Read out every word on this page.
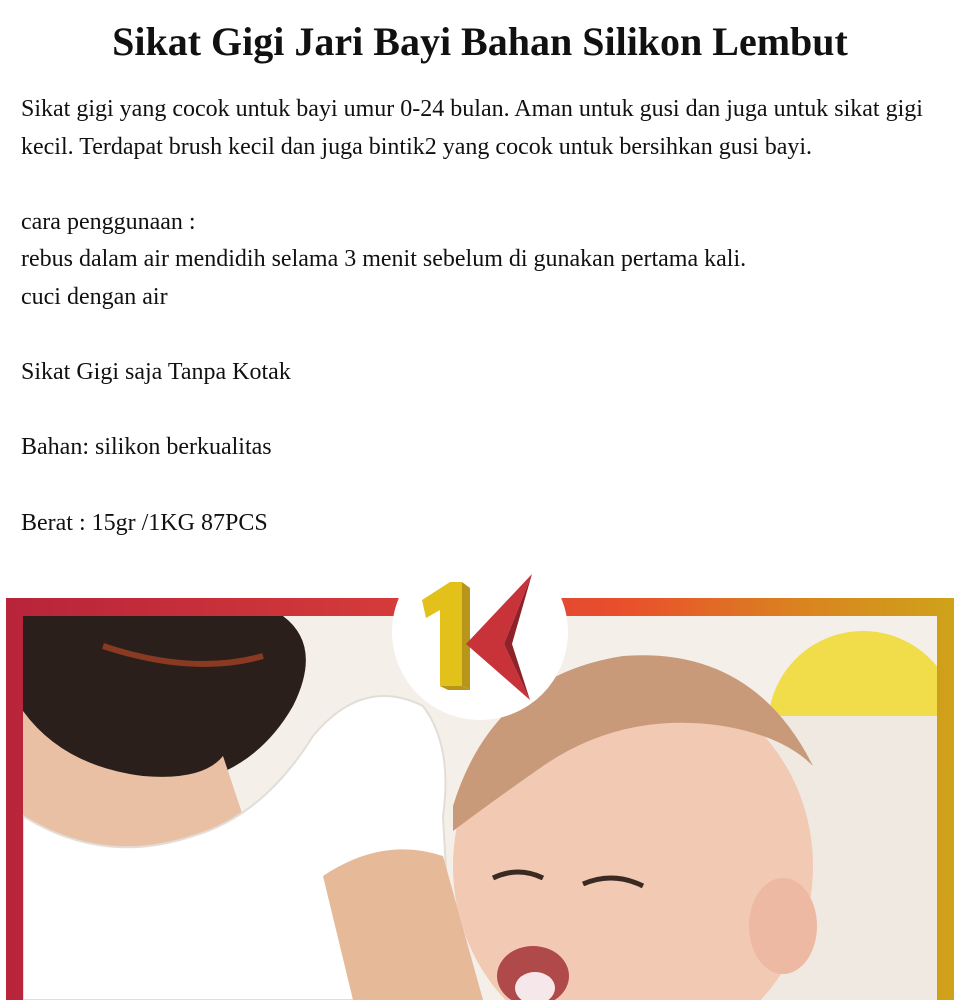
Sikat Gigi Jari Bayi Bahan Silikon Lembut

Sikat gigi yang cocok untuk bayi umur 0-24 bulan. Aman untuk gusi dan juga untuk sikat gigi kecil. Terdapat brush kecil dan juga bintik2 yang cocok untuk bersihkan gusi bayi.

cara penggunaan :

rebus dalam air mendidih selama 3 menit sebelum di gunakan pertama kali.

cuci dengan air

Sikat Gigi saja Tanpa Kotak

Bahan: silikon berkualitas

Berat : 15gr /1KG 87PCS
